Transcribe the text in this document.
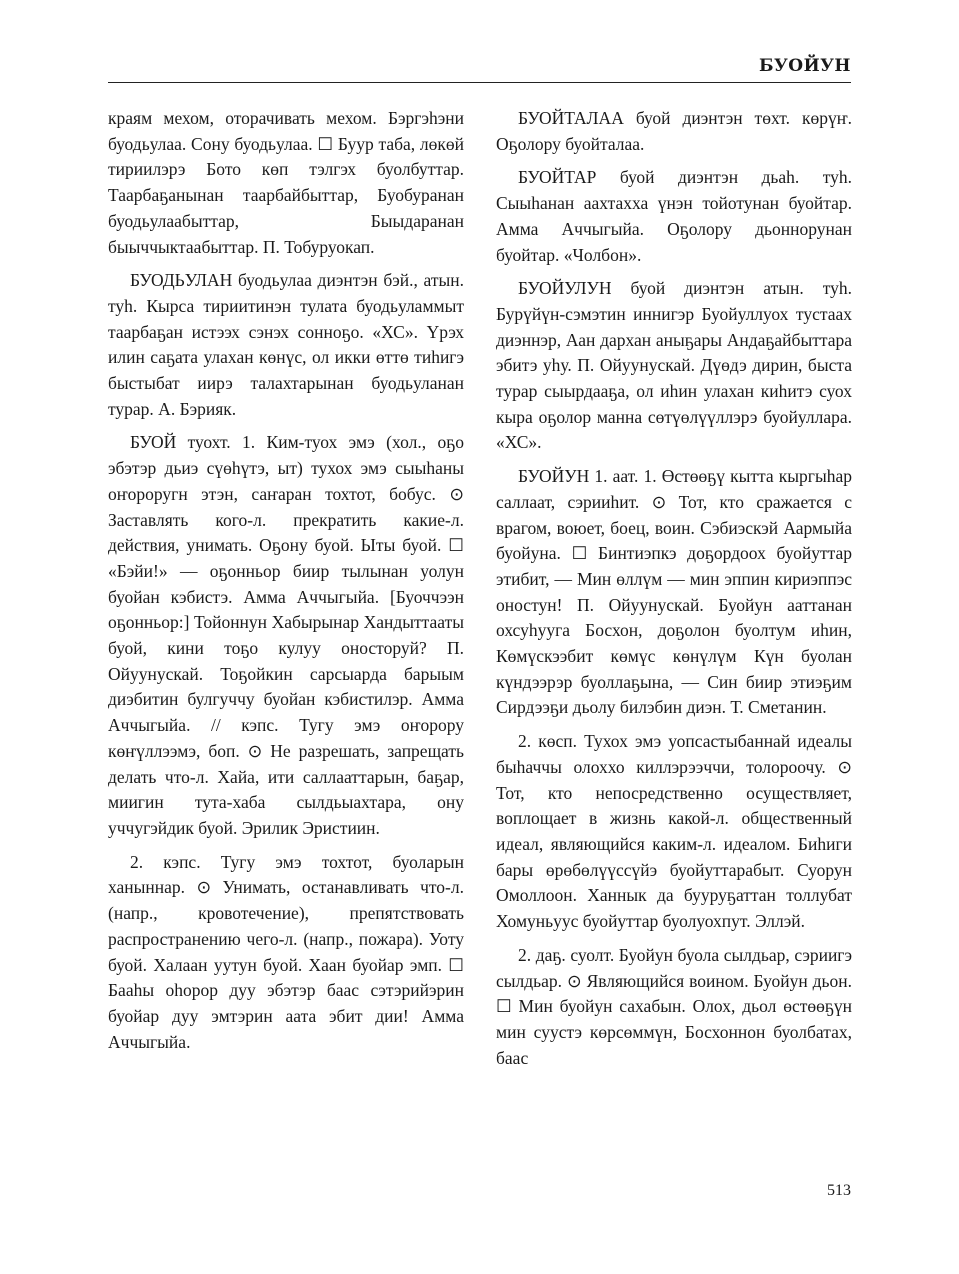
БУОЙУН

краям мехом, оторачивать мехом. Бэргэhэни буодьулаа. Сону буодьулаа. ☐ Буур таба, лөкөй тириилэрэ Бото көп тэлгэх буолбуттар. Таарбаҕанынан таарбайбыттар, Буобуранан буодьулаабыттар, Быыдаранан быыччыктаабыттар. П. Тобуруокап.

БУОДЬУЛАН буодьулаа диэнтэн бэй., атын. туһ. Кырса тириитинэн тулата буодьуламмыт таарбаҕан истээх сэнэх сонноҕо. «ХС». Үрэх илин саҕата улахан көнүс, ол икки өттө тиһигэ быстыбат иирэ талахтарынан буодьуланан турар. А. Бэрияк.

БУОЙ туохт. 1. Ким-туох эмэ (хол., оҕо эбэтэр дьиэ сүөһүтэ, ыт) тухох эмэ сыыһаны оҥороругн этэн, саҥаран тохтот, бобус. ⊙ Заставлять кого-л. прекратить какие-л. действия, унимать. Оҕону буой. Ыты буой. ☐ «Бэйи!» — оҕонньор биир тылынан уолун буойан кэбистэ. Амма Аччыгыйа. [Буоччээн оҕонньор:] Тойоннун Хабырынар Хандыттааты буой, кини тоҕо кулуу оносторуй? П. Ойуунускай. Тоҕойкин сарсыарда барыым диэбитин булгуччу буойан кэбистилэр. Амма Аччыгыйа. // кэпс. Тугу эмэ оҥорору көҥүллээмэ, боп. ⊙ Не разрешать, запрещать делать что-л. Хайа, ити саллааттарын, баҕар, миигин тута-хаба сылдьыахтара, ону уччугэйдик буой. Эрилик Эристиин.

2. кэпс. Тугу эмэ тохтот, буоларын ханыннар. ⊙ Унимать, останавливать что-л. (напр., кровотечение), препятствовать распространению чего-л. (напр., пожара). Уоту буой. Халаан уутун буой. Хаан буойар эмп. ☐ Бааhы оhорор дуу эбэтэр баас сэтэрийэрин буойар дуу эмтэрин аата эбит дии! Амма Аччыгыйа.

БУОЙТАЛАА буой диэнтэн төхт. көрүҥ. Оҕолору буойталаа.

БУОЙТАР буой диэнтэн дьаһ. туһ. Сыыһанан аахтахха үнэн тойотунан буойтар. Амма Аччыгыйа. Оҕолору дьоннорунан буойтар. «Чолбон».

БУОЙУЛУН буой диэнтэн атын. туһ. Бурүйүн-сэмэтин иннигэр Буойуллуох тустаах диэннэр, Аан дархан аныҕары Андаҕайбыттара эбитэ уһу. П. Ойуунускай. Дүөдэ дирин, быста турар сыырдааҕа, ол иһин улахан киһитэ суох кыра оҕолор манна сөтүөлүүллэрэ буойуллара. «ХС».

БУОЙУН 1. аат. 1. Өстөөҕү кытта кыргыһар саллаат, сэрииһит. ⊙ Тот, кто сражается с врагом, воюет, боец, воин. Сэбиэскэй Аармыйа буойуна. ☐ Бинтиэпкэ доҕордоох буойуттар этибит, — Мин өллүм — мин эппин кириэппэс оностун! П. Ойуунускай. Буойун ааттанан охсуһууга Босхон, доҕолон буолтум иһин, Көмүскээбит көмүс көнүлүм Күн буолан күндээрэр буоллаҕына, — Син биир этиэҕим Сирдээҕи дьолу билэбин диэн. Т. Сметанин.

2. көсп. Тухох эмэ уопсастыбаннай идеалы быһаччы олоххо киллэрээччи, толороочу. ⊙ Тот, кто непосредственно осуществляет, воплощает в жизнь какой-л. общественный идеал, являющийся каким-л. идеалом. Биһиги бары өрөбөлүүссүйэ буойуттарабыт. Суорун Омоллоон. Ханнык да бууруҕаттан толлубат Хомуньуус буойуттар буолуохпут. Эллэй.

2. даҕ. суолт. Буойун буола сылдьар, сэриигэ сылдьар. ⊙ Являющийся воином. Буойун дьон. ☐ Мин буойун сахабын. Олох, дьол өстөөҕүн мин суустэ көрсөммүн, Босхоннон буолбатах, баас

513
